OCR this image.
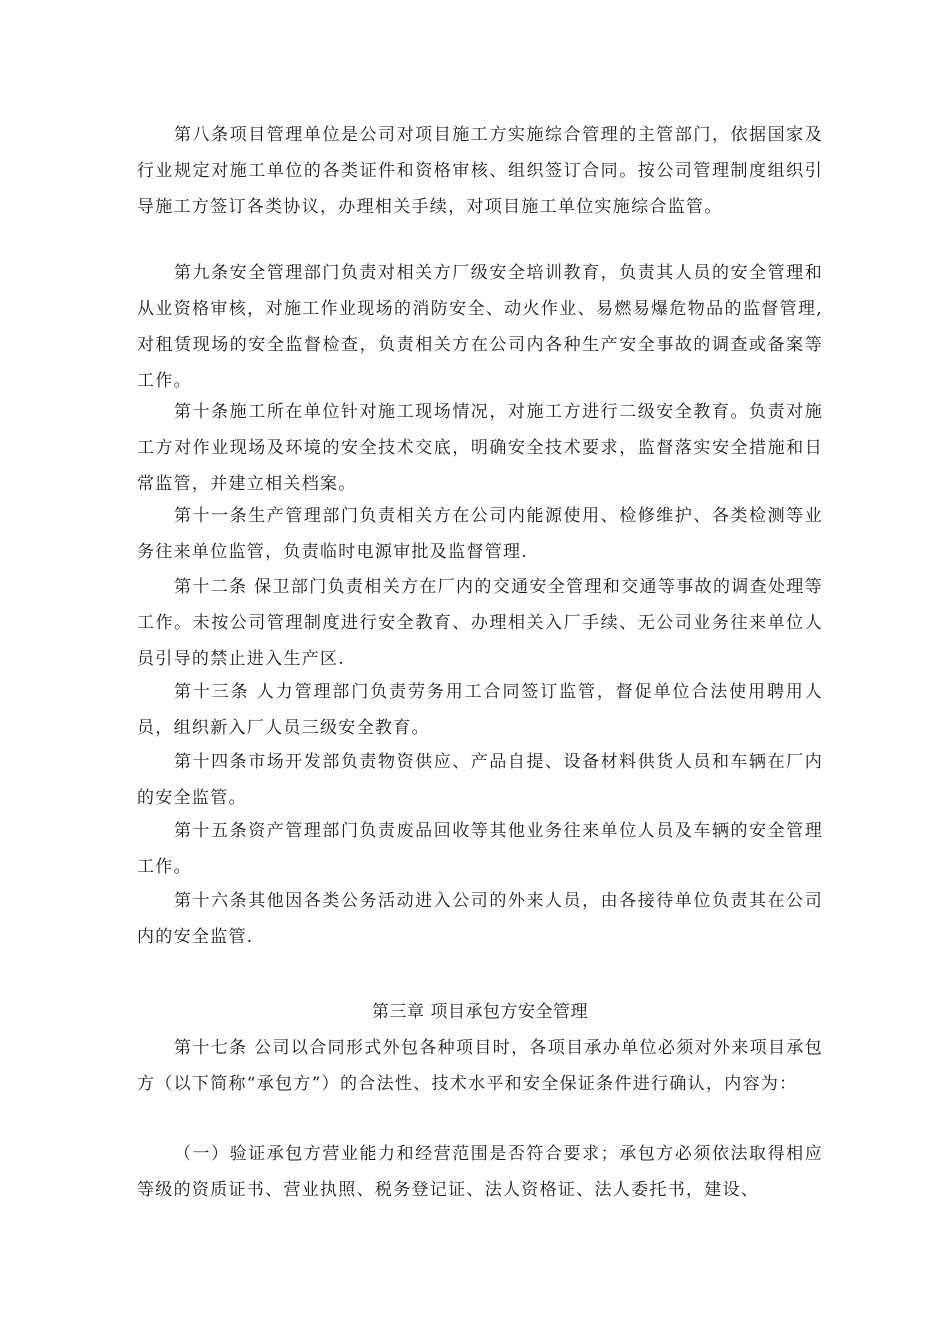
第八条项目管理单位是公司对项目施工方实施综合管理的主管部门，依据国家及行业规定对施工单位的各类证件和资格审核、组织签订合同。按公司管理制度组织引导施工方签订各类协议，办理相关手续，对项目施工单位实施综合监管。

第九条安全管理部门负责对相关方厂级安全培训教育，负责其人员的安全管理和从业资格审核，对施工作业现场的消防安全、动火作业、易燃易爆危物品的监督管理,对租赁现场的安全监督检查，负责相关方在公司内各种生产安全事故的调查或备案等工作。

第十条施工所在单位针对施工现场情况，对施工方进行二级安全教育。负责对施工方对作业现场及环境的安全技术交底，明确安全技术要求，监督落实安全措施和日常监管，并建立相关档案。

第十一条生产管理部门负责相关方在公司内能源使用、检修维护、各类检测等业务往来单位监管，负责临时电源审批及监督管理.

第十二条 保卫部门负责相关方在厂内的交通安全管理和交通等事故的调查处理等工作。未按公司管理制度进行安全教育、办理相关入厂手续、无公司业务往来单位人员引导的禁止进入生产区.

第十三条 人力管理部门负责劳务用工合同签订监管，督促单位合法使用聘用人员，组织新入厂人员三级安全教育。

第十四条市场开发部负责物资供应、产品自提、设备材料供货人员和车辆在厂内的安全监管。

第十五条资产管理部门负责废品回收等其他业务往来单位人员及车辆的安全管理工作。

第十六条其他因各类公务活动进入公司的外来人员，由各接待单位负责其在公司内的安全监管.

第三章 项目承包方安全管理

第十七条 公司以合同形式外包各种项目时，各项目承办单位必须对外来项目承包方（以下简称“承包方”）的合法性、技术水平和安全保证条件进行确认，内容为：

（一）验证承包方营业能力和经营范围是否符合要求；承包方必须依法取得相应等级的资质证书、营业执照、税务登记证、法人资格证、法人委托书，建设、
